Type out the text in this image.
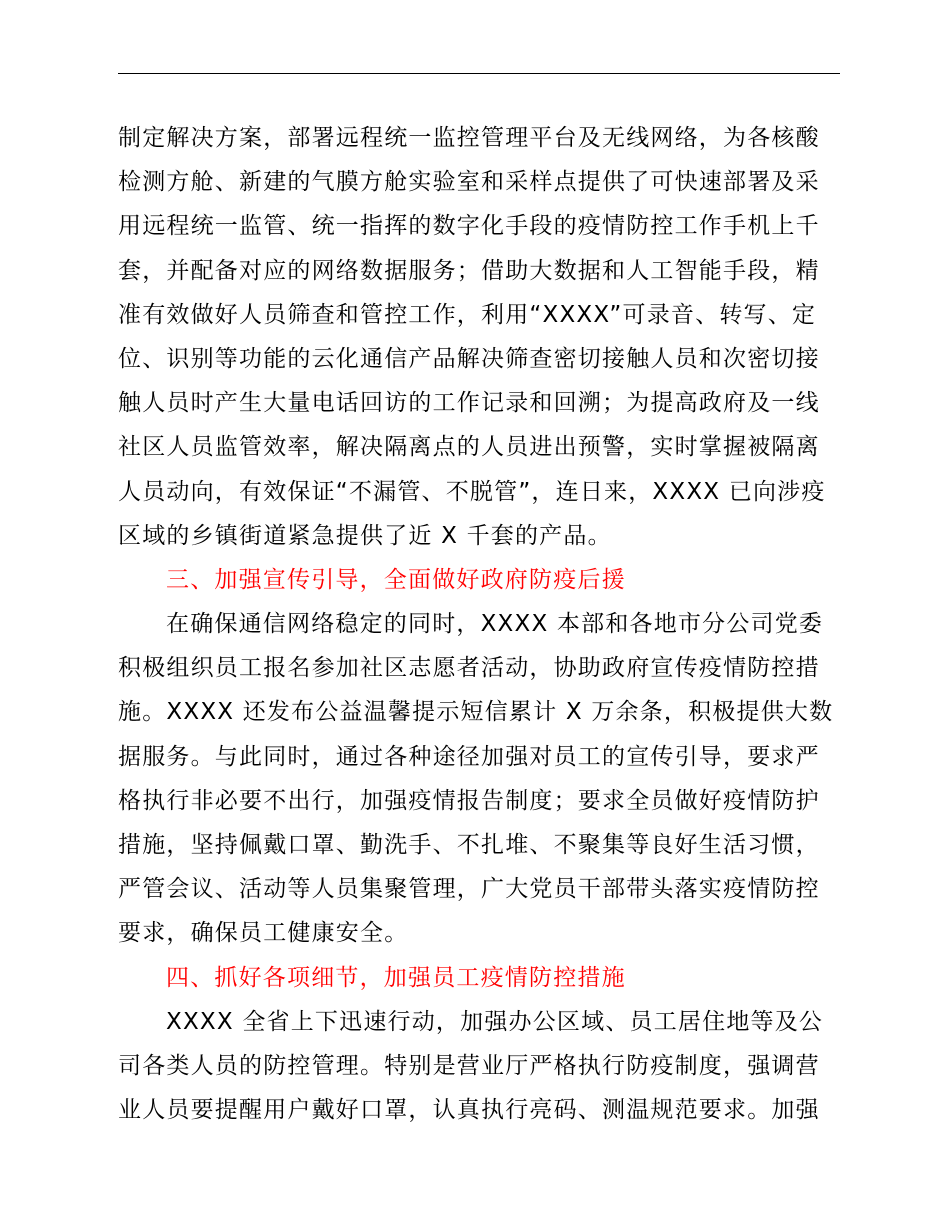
制定解决方案，部署远程统一监控管理平台及无线网络，为各核酸
检测方舱、新建的气膜方舱实验室和采样点提供了可快速部署及采
用远程统一监管、统一指挥的数字化手段的疫情防控工作手机上千
套，并配备对应的网络数据服务；借助大数据和人工智能手段，精
准有效做好人员筛查和管控工作，利用“XXXX”可录音、转写、定
位、识别等功能的云化通信产品解决筛查密切接触人员和次密切接
触人员时产生大量电话回访的工作记录和回溯；为提高政府及一线
社区人员监管效率，解决隔离点的人员进出预警，实时掌握被隔离
人员动向，有效保证“不漏管、不脱管”，连日来，XXXX 已向涉疫
区域的乡镇街道紧急提供了近 X 千套的产品。
三、加强宣传引导，全面做好政府防疫后援
在确保通信网络稳定的同时，XXXX 本部和各地市分公司党委
积极组织员工报名参加社区志愿者活动，协助政府宣传疫情防控措
施。XXXX 还发布公益温馨提示短信累计 X 万余条，积极提供大数
据服务。与此同时，通过各种途径加强对员工的宣传引导，要求严
格执行非必要不出行，加强疫情报告制度；要求全员做好疫情防护
措施，坚持佩戴口罩、勤洗手、不扎堆、不聚集等良好生活习惯，
严管会议、活动等人员集聚管理，广大党员干部带头落实疫情防控
要求，确保员工健康安全。
四、抓好各项细节，加强员工疫情防控措施
XXXX 全省上下迅速行动，加强办公区域、员工居住地等及公
司各类人员的防控管理。特别是营业厅严格执行防疫制度，强调营
业人员要提醒用户戴好口罩，认真执行亮码、测温规范要求。加强
